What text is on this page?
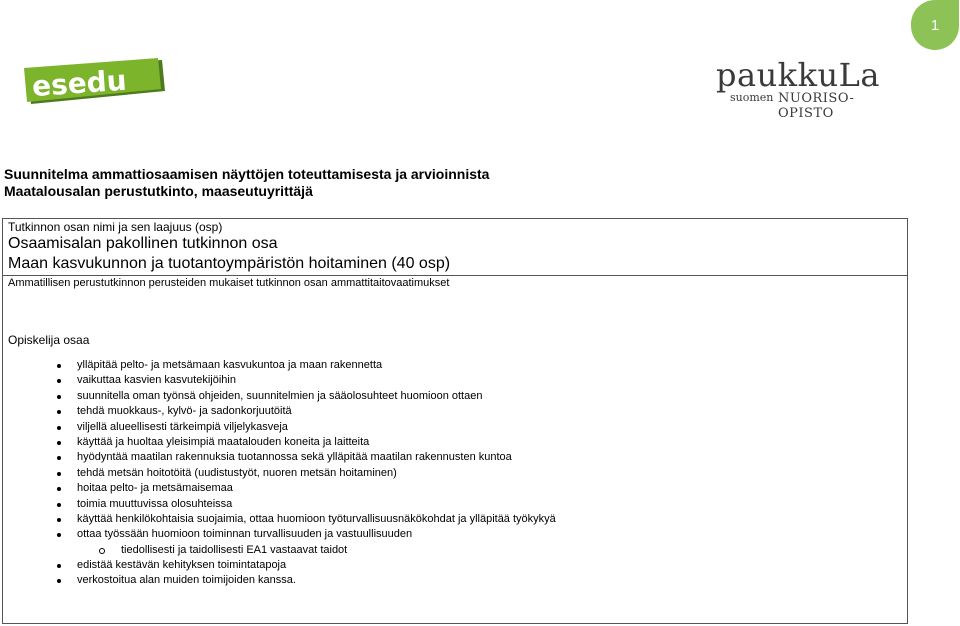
1
esedu	paukkuLa
suomen NUORISO-OPISTO
Suunnitelma ammattiosaamisen näyttöjen toteuttamisesta ja arvioinnista
Maatalousalan perustutkinto, maaseutuyrittäjä
Tutkinnon osan nimi ja sen laajuus (osp)
Osaamisalan pakollinen tutkinnon osa
Maan kasvukunnon ja tuotantoympäristön hoitaminen (40 osp)
Ammatillisen perustutkinnon perusteiden mukaiset tutkinnon osan ammattitaitovaatimukset
Opiskelija osaa
ylläpitää pelto- ja metsämaan kasvukuntoa ja maan rakennetta
vaikuttaa kasvien kasvutekijöihin
suunnitella oman työnsä ohjeiden, suunnitelmien ja sääolosuhteet huomioon ottaen
tehdä muokkaus-, kylvö- ja sadonkorjuutöitä
viljellä alueellisesti tärkeimpiä viljelykasveja
käyttää ja huoltaa yleisimpiä maatalouden koneita ja laitteita
hyödyntää maatilan rakennuksia tuotannossa sekä ylläpitää maatilan rakennusten kuntoa
tehdä metsän hoitotöitä (uudistustyöt, nuoren metsän hoitaminen)
hoitaa pelto- ja metsämaisemaa
toimia muuttuvissa olosuhteissa
käyttää henkilökohtaisia suojaimia, ottaa huomioon työturvallisuusnäkökohdat ja ylläpitää työkykyä
ottaa työssään huomioon toiminnan turvallisuuden ja vastuullisuuden
tiedollisesti ja taidollisesti EA1 vastaavat taidot
edistää kestävän kehityksen toimintatapoja
verkostoitua alan muiden toimijoiden kanssa.
